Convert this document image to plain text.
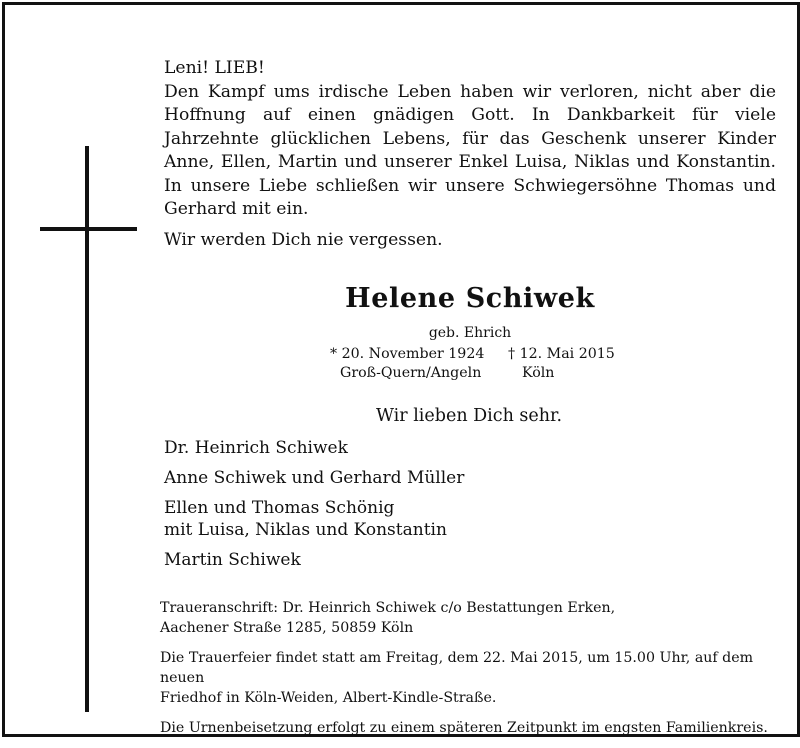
Leni! LIEB!

Den Kampf ums irdische Leben haben wir verloren, nicht aber die Hoffnung auf einen gnädigen Gott. In Dankbarkeit für viele Jahrzehnte glücklichen Lebens, für das Geschenk unserer Kinder Anne, Ellen, Martin und unserer Enkel Luisa, Niklas und Konstantin. In unsere Liebe schließen wir unsere Schwiegersöhne Thomas und Gerhard mit ein.

Wir werden Dich nie vergessen.

Helene Schiwek
geb. Ehrich
* 20. November 1924 † 12. Mai 2015
Groß-Quern/Angeln	Köln
Wir lieben Dich sehr.
Dr. Heinrich Schiwek
Anne Schiwek und Gerhard Müller
Ellen und Thomas Schönig
mit Luisa, Niklas und Konstantin
Martin Schiwek

Traueranschrift: Dr. Heinrich Schiwek c/o Bestattungen Erken,
Aachener Straße 1285, 50859 Köln

Die Trauerfeier findet statt am Freitag, dem 22. Mai 2015, um 15.00 Uhr, auf dem neuen
Friedhof in Köln-Weiden, Albert-Kindle-Straße.

Die Urnenbeisetzung erfolgt zu einem späteren Zeitpunkt im engsten Familienkreis.
